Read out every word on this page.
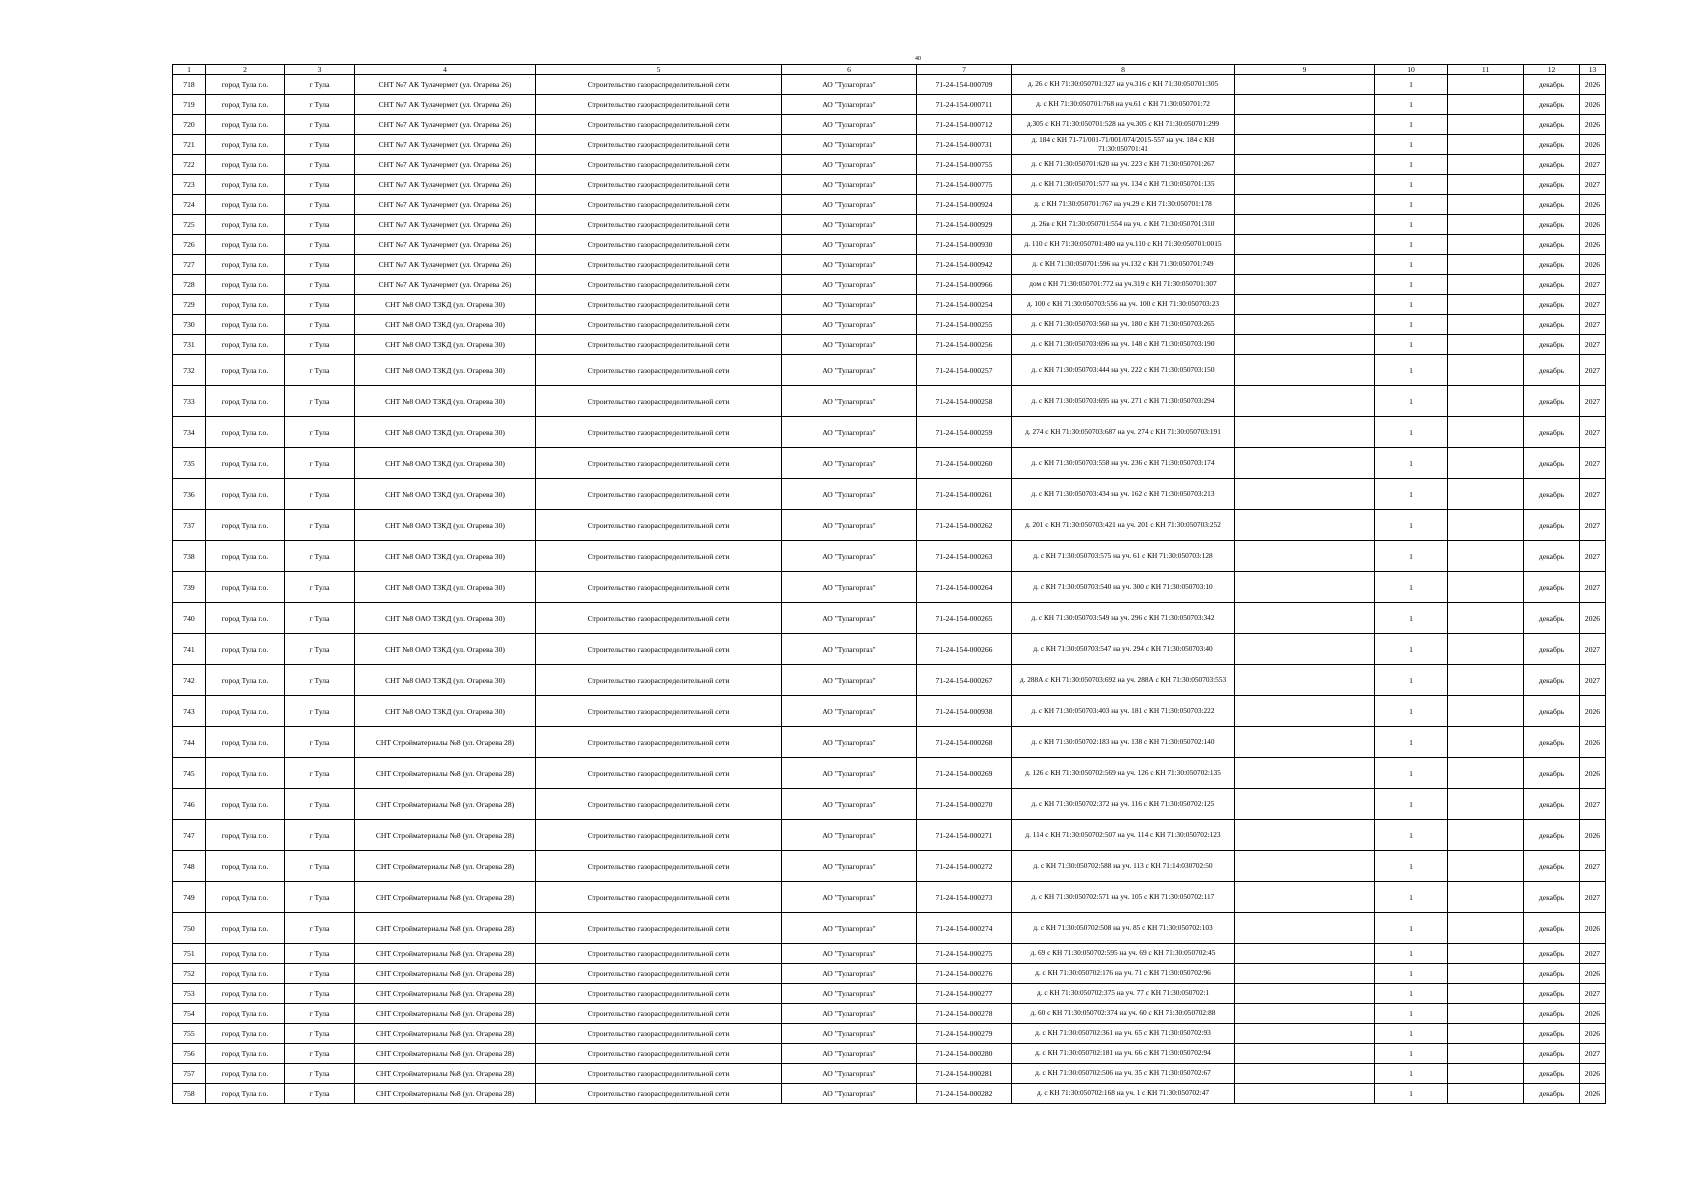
40
1	2	3	4	5	6	7	8	9	10	11	12	13
718	город Тула г.о.	г Тула	СНТ №7 АК Тулачермет (ул. Огарева 26)	Строительство газораспределительной сети	АО "Тулагоргаз"	71-24-154-000709	д. 26 с КН 71:30:050701:327 на уч.316 с КН 71:30:050701:305		1		декабрь	2026
719	город Тула г.о.	г Тула	СНТ №7 АК Тулачермет (ул. Огарева 26)	Строительство газораспределительной сети	АО "Тулагоргаз"	71-24-154-000711	д. с КН 71:30:050701:768 на уч.61 с КН 71:30:050701:72		1		декабрь	2026
720	город Тула г.о.	г Тула	СНТ №7 АК Тулачермет (ул. Огарева 26)	Строительство газораспределительной сети	АО "Тулагоргаз"	71-24-154-000712	д.305 с КН 71:30:050701:528 на уч.305 с КН 71:30:050701:299		1		декабрь	2026
721	город Тула г.о.	г Тула	СНТ №7 АК Тулачермет (ул. Огарева 26)	Строительство газораспределительной сети	АО "Тулагоргаз"	71-24-154-000731	д. 184 с КН 71-71/001-71/001/074/2015-557 на уч. 184 с КН 71:30:050701:41		1		декабрь	2026
722	город Тула г.о.	г Тула	СНТ №7 АК Тулачермет (ул. Огарева 26)	Строительство газораспределительной сети	АО "Тулагоргаз"	71-24-154-000755	д. с КН 71:30:050701:620 на уч. 223 с КН 71:30:050701:267		1		декабрь	2027
723	город Тула г.о.	г Тула	СНТ №7 АК Тулачермет (ул. Огарева 26)	Строительство газораспределительной сети	АО "Тулагоргаз"	71-24-154-000775	д. с КН 71:30:050701:577 на уч. 134 с КН 71:30:050701:135		1		декабрь	2027
724	город Тула г.о.	г Тула	СНТ №7 АК Тулачермет (ул. Огарева 26)	Строительство газораспределительной сети	АО "Тулагоргаз"	71-24-154-000924	д. с КН 71:30:050701:767 на уч.29 с КН 71:30:050701:178		1		декабрь	2026
725	город Тула г.о.	г Тула	СНТ №7 АК Тулачермет (ул. Огарева 26)	Строительство газораспределительной сети	АО "Тулагоргаз"	71-24-154-000929	д. 26в с КН 71:30:050701:554 на уч. с КН 71:30:050701:310		1		декабрь	2026
726	город Тула г.о.	г Тула	СНТ №7 АК Тулачермет (ул. Огарева 26)	Строительство газораспределительной сети	АО "Тулагоргаз"	71-24-154-000930	д. 110 с КН 71:30:050701:480 на уч.110 с КН 71:30:050701:0015		1		декабрь	2026
727	город Тула г.о.	г Тула	СНТ №7 АК Тулачермет (ул. Огарева 26)	Строительство газораспределительной сети	АО "Тулагоргаз"	71-24-154-000942	д. с КН 71:30:050701:596 на уч.132 с КН 71:30:050701:749		1		декабрь	2026
728	город Тула г.о.	г Тула	СНТ №7 АК Тулачермет (ул. Огарева 26)	Строительство газораспределительной сети	АО "Тулагоргаз"	71-24-154-000966	дом с КН 71:30:050701:772 на уч.319 с КН 71:30:050701:307		1		декабрь	2027
729	город Тула г.о.	г Тула	СНТ №8 ОАО ТЗКД (ул. Огарева 30)	Строительство газораспределительной сети	АО "Тулагоргаз"	71-24-154-000254	д. 100 с КН 71:30:050703:556 на уч. 100 с КН 71:30:050703:23		1		декабрь	2027
730	город Тула г.о.	г Тула	СНТ №8 ОАО ТЗКД (ул. Огарева 30)	Строительство газораспределительной сети	АО "Тулагоргаз"	71-24-154-000255	д. с КН 71:30:050703:560 на уч. 180 с КН 71:30:050703:265		1		декабрь	2027
731	город Тула г.о.	г Тула	СНТ №8 ОАО ТЗКД (ул. Огарева 30)	Строительство газораспределительной сети	АО "Тулагоргаз"	71-24-154-000256	д. с КН 71:30:050703:696 на уч. 148 с КН 71:30:050703:190		1		декабрь	2027
732	город Тула г.о.	г Тула	СНТ №8 ОАО ТЗКД (ул. Огарева 30)	Строительство газораспределительной сети	АО "Тулагоргаз"	71-24-154-000257	д. с КН 71:30:050703:444 на уч. 222 с КН 71:30:050703:150		1		декабрь	2027
733	город Тула г.о.	г Тула	СНТ №8 ОАО ТЗКД (ул. Огарева 30)	Строительство газораспределительной сети	АО "Тулагоргаз"	71-24-154-000258	д. с КН 71:30:050703:695 на уч. 271 с КН 71:30:050703:294		1		декабрь	2027
734	город Тула г.о.	г Тула	СНТ №8 ОАО ТЗКД (ул. Огарева 30)	Строительство газораспределительной сети	АО "Тулагоргаз"	71-24-154-000259	д. 274 с КН 71:30:050703:687 на уч. 274 с КН 71:30:050703:191		1		декабрь	2027
735	город Тула г.о.	г Тула	СНТ №8 ОАО ТЗКД (ул. Огарева 30)	Строительство газораспределительной сети	АО "Тулагоргаз"	71-24-154-000260	д. с КН 71:30:050703:558 на уч. 236 с КН 71:30:050703:174		1		декабрь	2027
736	город Тула г.о.	г Тула	СНТ №8 ОАО ТЗКД (ул. Огарева 30)	Строительство газораспределительной сети	АО "Тулагоргаз"	71-24-154-000261	д. с КН 71:30:050703:434 на уч. 162 с КН 71:30:050703:213		1		декабрь	2027
737	город Тула г.о.	г Тула	СНТ №8 ОАО ТЗКД (ул. Огарева 30)	Строительство газораспределительной сети	АО "Тулагоргаз"	71-24-154-000262	д. 201 с КН 71:30:050703:421 на уч. 201 с КН 71:30:050703:252		1		декабрь	2027
738	город Тула г.о.	г Тула	СНТ №8 ОАО ТЗКД (ул. Огарева 30)	Строительство газораспределительной сети	АО "Тулагоргаз"	71-24-154-000263	д. с КН 71:30:050703:575 на уч. 61 с КН 71:30:050703:128		1		декабрь	2027
739	город Тула г.о.	г Тула	СНТ №8 ОАО ТЗКД (ул. Огарева 30)	Строительство газораспределительной сети	АО "Тулагоргаз"	71-24-154-000264	д. с КН 71:30:050703:540 на уч. 300 с КН 71:30:050703:10		1		декабрь	2027
740	город Тула г.о.	г Тула	СНТ №8 ОАО ТЗКД (ул. Огарева 30)	Строительство газораспределительной сети	АО "Тулагоргаз"	71-24-154-000265	д. с КН 71:30:050703:549 на уч. 296 с КН 71:30:050703:342		1		декабрь	2026
741	город Тула г.о.	г Тула	СНТ №8 ОАО ТЗКД (ул. Огарева 30)	Строительство газораспределительной сети	АО "Тулагоргаз"	71-24-154-000266	д. с КН 71:30:050703:547 на уч. 294 с КН 71:30:050703:40		1		декабрь	2027
742	город Тула г.о.	г Тула	СНТ №8 ОАО ТЗКД (ул. Огарева 30)	Строительство газораспределительной сети	АО "Тулагоргаз"	71-24-154-000267	д. 288А с КН 71:30:050703:692 на уч. 288А с КН 71:30:050703:553		1		декабрь	2027
743	город Тула г.о.	г Тула	СНТ №8 ОАО ТЗКД (ул. Огарева 30)	Строительство газораспределительной сети	АО "Тулагоргаз"	71-24-154-000938	д. с КН 71:30:050703:403 на уч. 181 с КН 71:30:050703:222		1		декабрь	2026
744	город Тула г.о.	г Тула	СНТ Стройматериалы №8 (ул. Огарева 28)	Строительство газораспределительной сети	АО "Тулагоргаз"	71-24-154-000268	д. с КН 71:30:050702:183 на уч. 138 с КН 71:30:050702:140		1		декабрь	2026
745	город Тула г.о.	г Тула	СНТ Стройматериалы №8 (ул. Огарева 28)	Строительство газораспределительной сети	АО "Тулагоргаз"	71-24-154-000269	д. 126 с КН 71:30:050702:569 на уч. 126 с КН 71:30:050702:135		1		декабрь	2026
746	город Тула г.о.	г Тула	СНТ Стройматериалы №8 (ул. Огарева 28)	Строительство газораспределительной сети	АО "Тулагоргаз"	71-24-154-000270	д. с КН 71:30:050702:372 на уч. 116 с КН 71:30:050702:125		1		декабрь	2027
747	город Тула г.о.	г Тула	СНТ Стройматериалы №8 (ул. Огарева 28)	Строительство газораспределительной сети	АО "Тулагоргаз"	71-24-154-000271	д. 114 с КН 71:30:050702:507 на уч. 114 с КН 71:30:050702:123		1		декабрь	2026
748	город Тула г.о.	г Тула	СНТ Стройматериалы №8 (ул. Огарева 28)	Строительство газораспределительной сети	АО "Тулагоргаз"	71-24-154-000272	д. с КН 71:30:050702:588 на уч. 113 с КН 71:14:030702:50		1		декабрь	2027
749	город Тула г.о.	г Тула	СНТ Стройматериалы №8 (ул. Огарева 28)	Строительство газораспределительной сети	АО "Тулагоргаз"	71-24-154-000273	д. с КН 71:30:050702:571 на уч. 105 с КН 71:30:050702:117		1		декабрь	2027
750	город Тула г.о.	г Тула	СНТ Стройматериалы №8 (ул. Огарева 28)	Строительство газораспределительной сети	АО "Тулагоргаз"	71-24-154-000274	д. с КН 71:30:050702:508 на уч. 85 с КН 71:30:050702:103		1		декабрь	2026
751	город Тула г.о.	г Тула	СНТ Стройматериалы №8 (ул. Огарева 28)	Строительство газораспределительной сети	АО "Тулагоргаз"	71-24-154-000275	д. 69 с КН 71:30:050702:595 на уч. 69 с КН 71:30:050702:45		1		декабрь	2027
752	город Тула г.о.	г Тула	СНТ Стройматериалы №8 (ул. Огарева 28)	Строительство газораспределительной сети	АО "Тулагоргаз"	71-24-154-000276	д. с КН 71:30:050702:176 на уч. 71 с КН 71:30:050702:96		1		декабрь	2026
753	город Тула г.о.	г Тула	СНТ Стройматериалы №8 (ул. Огарева 28)	Строительство газораспределительной сети	АО "Тулагоргаз"	71-24-154-000277	д. с КН 71:30:050702:375 на уч. 77 с КН 71:30:050702:1		1		декабрь	2027
754	город Тула г.о.	г Тула	СНТ Стройматериалы №8 (ул. Огарева 28)	Строительство газораспределительной сети	АО "Тулагоргаз"	71-24-154-000278	д. 60 с КН 71:30:050702:374 на уч. 60 с КН 71:30:050702:88		1		декабрь	2026
755	город Тула г.о.	г Тула	СНТ Стройматериалы №8 (ул. Огарева 28)	Строительство газораспределительной сети	АО "Тулагоргаз"	71-24-154-000279	д. с КН 71:30:050702:361 на уч. 65 с КН 71:30:050702:93		1		декабрь	2026
756	город Тула г.о.	г Тула	СНТ Стройматериалы №8 (ул. Огарева 28)	Строительство газораспределительной сети	АО "Тулагоргаз"	71-24-154-000280	д. с КН 71:30:050702:181 на уч. 66 с КН 71:30:050702:94		1		декабрь	2027
757	город Тула г.о.	г Тула	СНТ Стройматериалы №8 (ул. Огарева 28)	Строительство газораспределительной сети	АО "Тулагоргаз"	71-24-154-000281	д. с КН 71:30:050702:506 на уч. 35 с КН 71:30:050702:67		1		декабрь	2026
758	город Тула г.о.	г Тула	СНТ Стройматериалы №8 (ул. Огарева 28)	Строительство газораспределительной сети	АО "Тулагоргаз"	71-24-154-000282	д. с КН 71:30:050702:168 на уч. 1 с КН 71:30:050702:47		1		декабрь	2026
